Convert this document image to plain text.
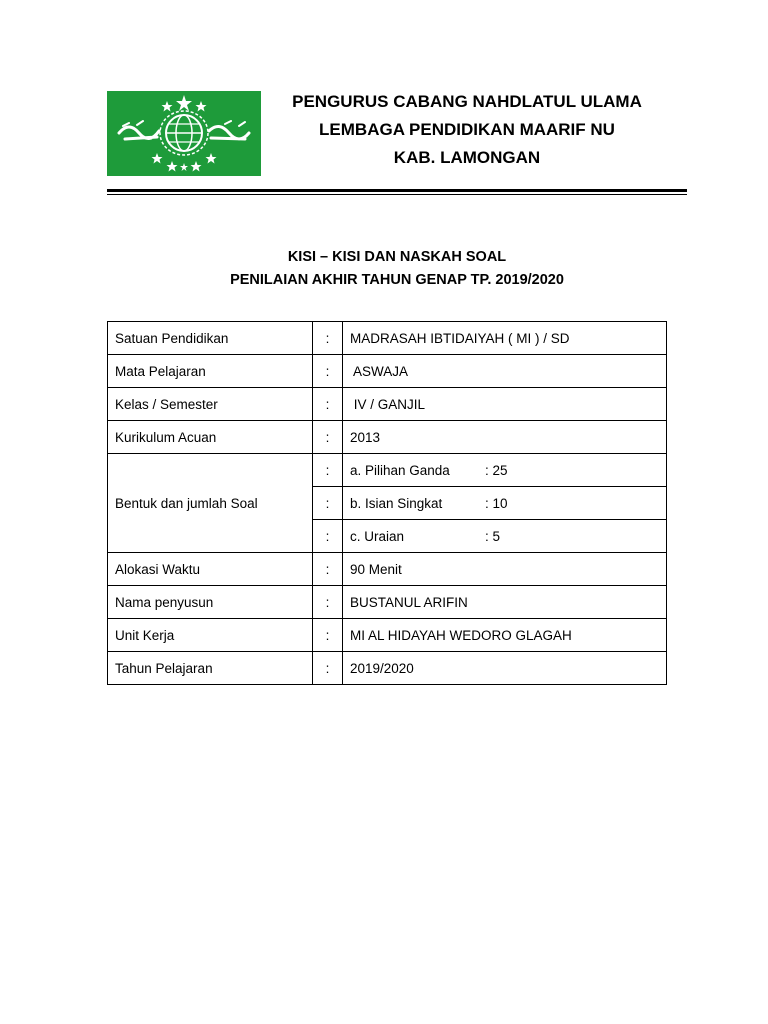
PENGURUS CABANG NAHDLATUL ULAMA
LEMBAGA PENDIDIKAN MAARIF NU
KAB. LAMONGAN
KISI – KISI DAN NASKAH SOAL
PENILAIAN AKHIR TAHUN GENAP TP. 2019/2020
Satuan Pendidikan	:	MADRASAH IBTIDAIYAH ( MI ) / SD
Mata Pelajaran	:	ASWAJA
Kelas / Semester	:	IV / GANJIL
Kurikulum Acuan	:	2013
Bentuk dan jumlah Soal	:	a. Pilihan Ganda : 25
	:	b. Isian Singkat : 10
	:	c. Uraian : 5
Alokasi Waktu	:	90 Menit
Nama penyusun	:	BUSTANUL ARIFIN
Unit Kerja	:	MI AL HIDAYAH WEDORO GLAGAH
Tahun Pelajaran	:	2019/2020
